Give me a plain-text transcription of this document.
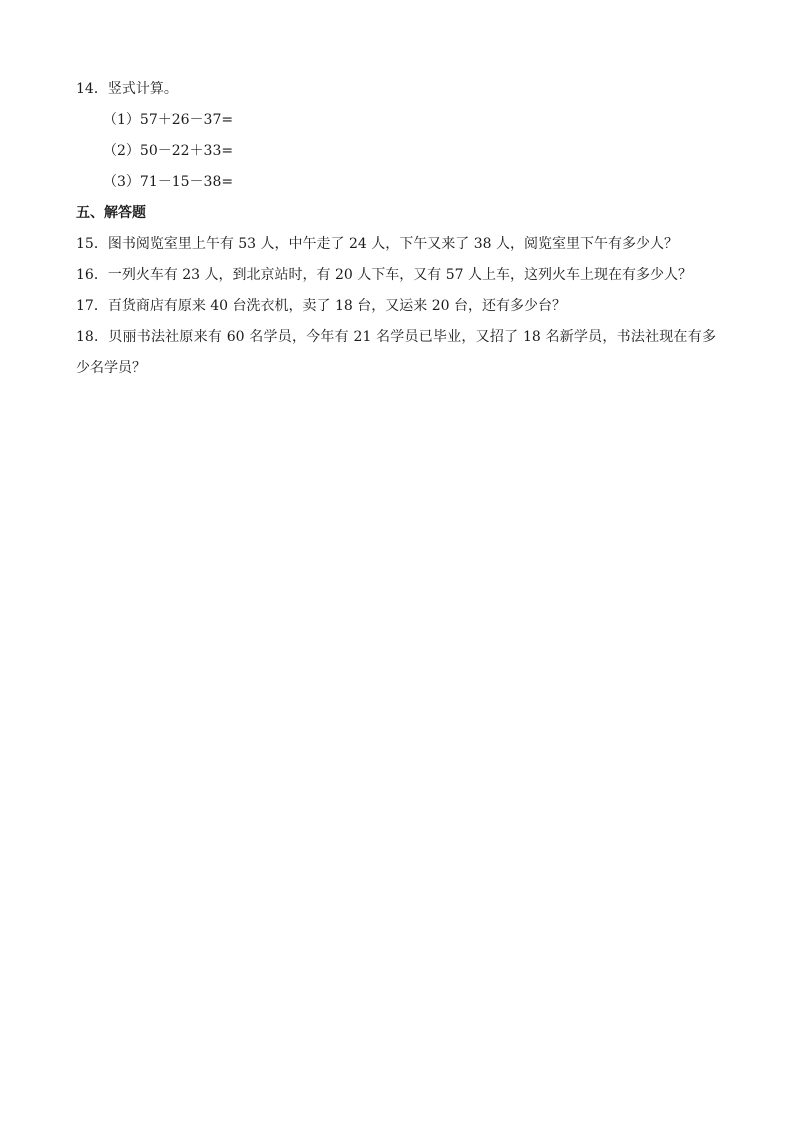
14．竖式计算。
（1）57＋26－37=
（2）50－22＋33=
（3）71－15－38=
五、解答题
15．图书阅览室里上午有 53 人，中午走了 24 人，下午又来了 38 人，阅览室里下午有多少人？
16．一列火车有 23 人，到北京站时，有 20 人下车，又有 57 人上车，这列火车上现在有多少人？
17．百货商店有原来 40 台洗衣机，卖了 18 台，又运来 20 台，还有多少台？
18．贝丽书法社原来有 60 名学员，今年有 21 名学员已毕业，又招了 18 名新学员，书法社现在有多少名学员？
